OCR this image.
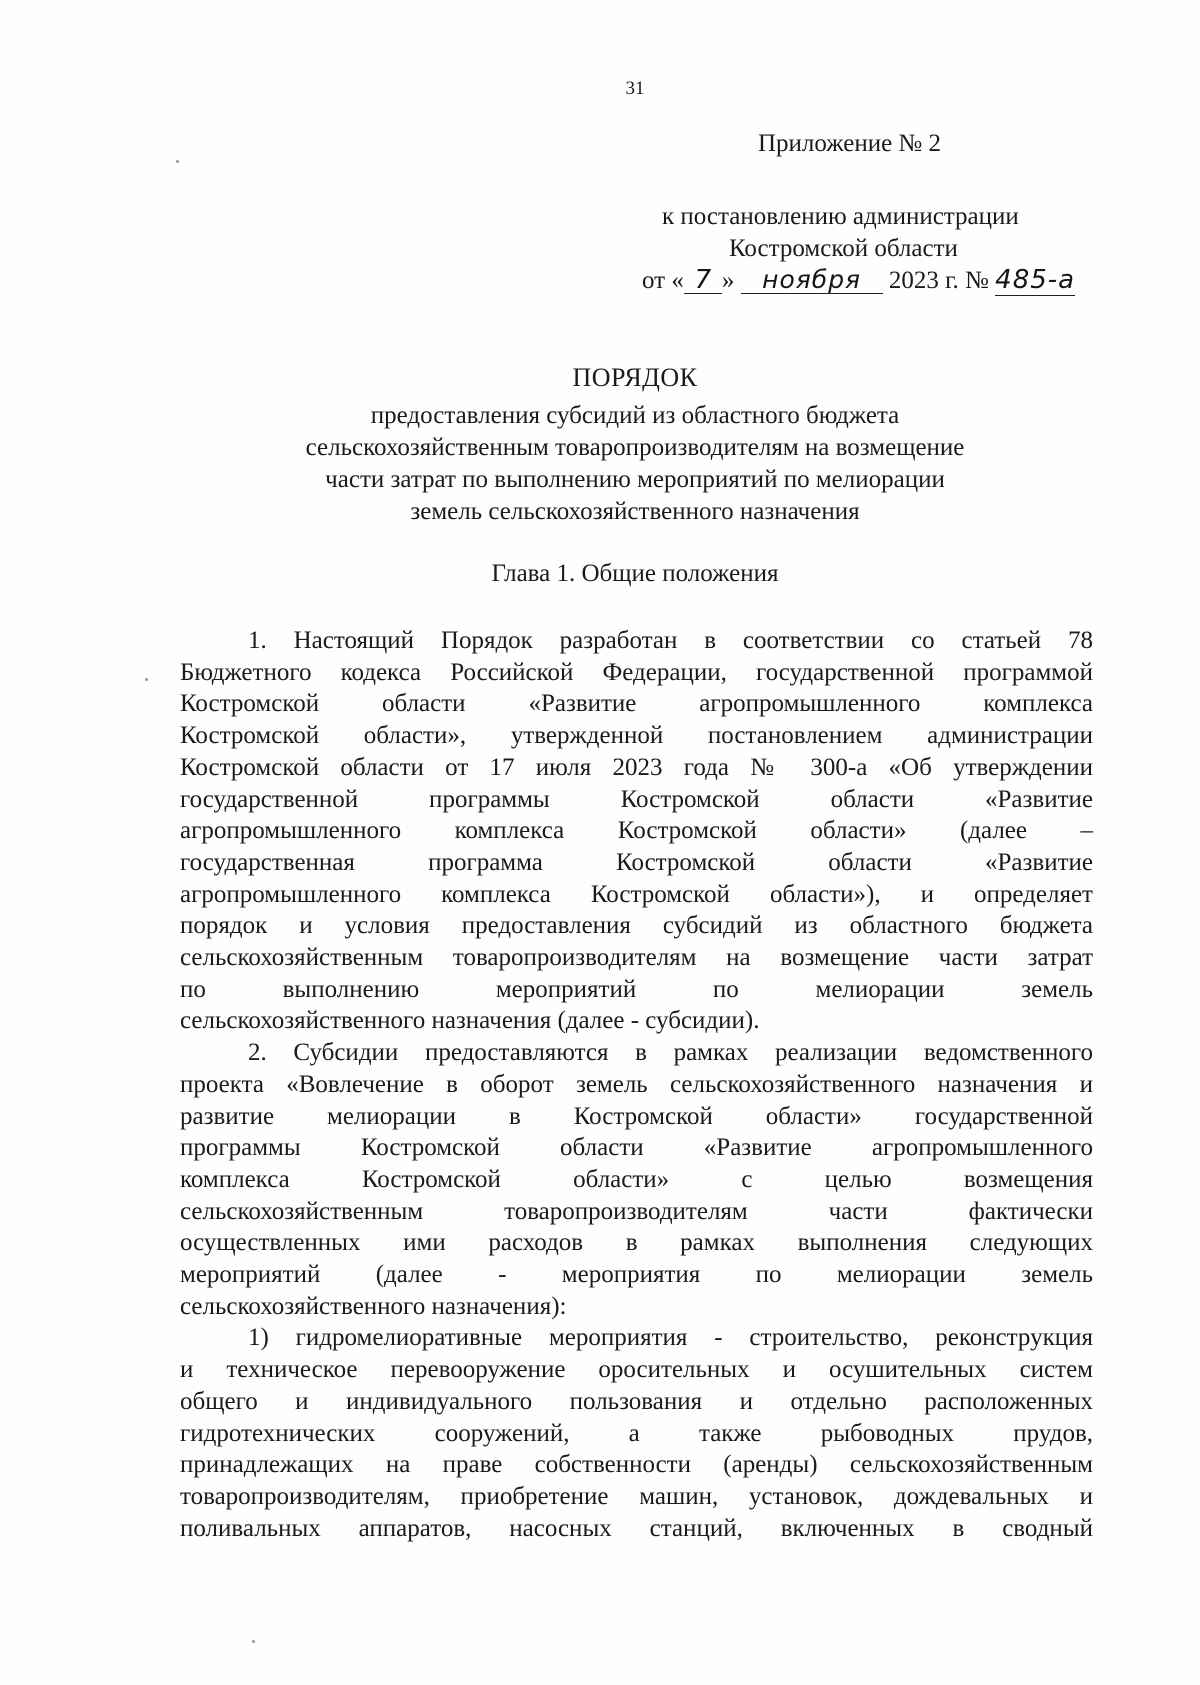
31
Приложение № 2
к постановлению администрации
Костромской области
от « 7 » ноября 2023 г. № 485-а
ПОРЯДОК
предоставления субсидий из областного бюджета
сельскохозяйственным товаропроизводителям на возмещение
части затрат по выполнению мероприятий по мелиорации
земель сельскохозяйственного назначения
Глава 1. Общие положения
1. Настоящий Порядок разработан в соответствии со статьей 78
Бюджетного кодекса Российской Федерации, государственной программой
Костромской области «Развитие агропромышленного комплекса
Костромской области», утвержденной постановлением администрации
Костромской области от 17 июля 2023 года № 300-а «Об утверждении
государственной программы Костромской области «Развитие
агропромышленного комплекса Костромской области» (далее –
государственная программа Костромской области «Развитие
агропромышленного комплекса Костромской области»), и определяет
порядок и условия предоставления субсидий из областного бюджета
сельскохозяйственным товаропроизводителям на возмещение части затрат
по выполнению мероприятий по мелиорации земель
сельскохозяйственного назначения (далее - субсидии).
2. Субсидии предоставляются в рамках реализации ведомственного
проекта «Вовлечение в оборот земель сельскохозяйственного назначения и
развитие мелиорации в Костромской области» государственной
программы Костромской области «Развитие агропромышленного
комплекса Костромской области» с целью возмещения
сельскохозяйственным товаропроизводителям части фактически
осуществленных ими расходов в рамках выполнения следующих
мероприятий (далее - мероприятия по мелиорации земель
сельскохозяйственного назначения):
1) гидромелиоративные мероприятия - строительство, реконструкция
и техническое перевооружение оросительных и осушительных систем
общего и индивидуального пользования и отдельно расположенных
гидротехнических сооружений, а также рыбоводных прудов,
принадлежащих на праве собственности (аренды) сельскохозяйственным
товаропроизводителям, приобретение машин, установок, дождевальных и
поливальных аппаратов, насосных станций, включенных в сводный
